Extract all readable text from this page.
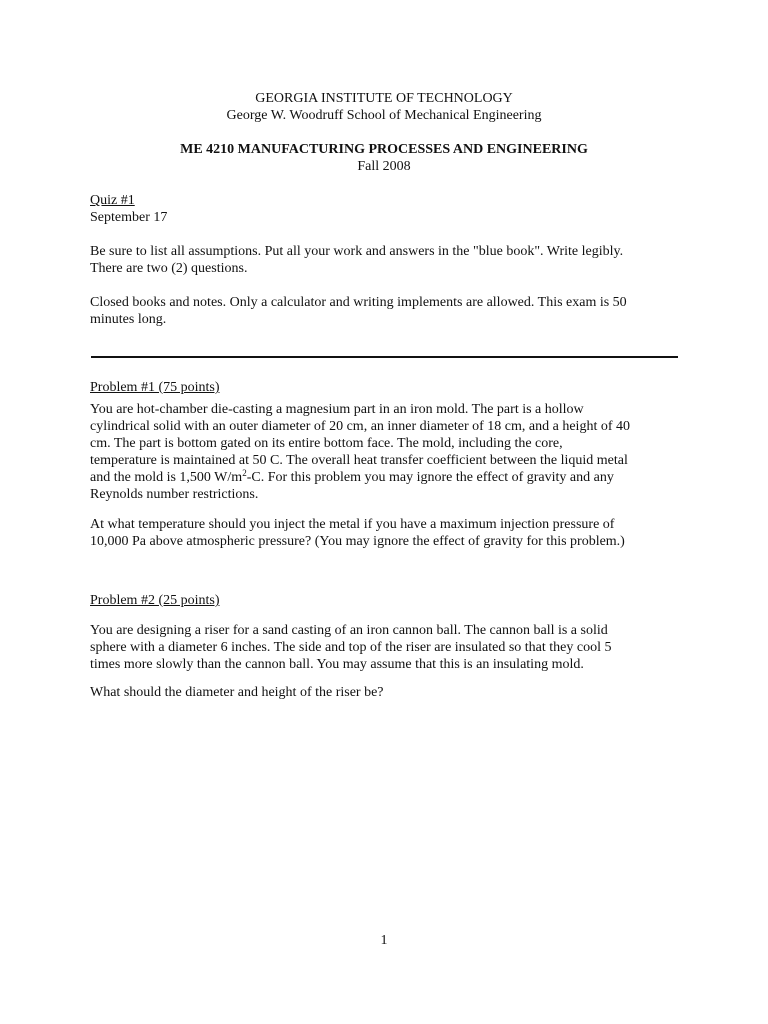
GEORGIA INSTITUTE OF TECHNOLOGY
George W. Woodruff School of Mechanical Engineering
ME 4210 MANUFACTURING PROCESSES AND ENGINEERING
Fall 2008
Quiz #1
September 17
Be sure to list all assumptions. Put all your work and answers in the "blue book". Write legibly.
There are two (2) questions.
Closed books and notes. Only a calculator and writing implements are allowed. This exam is 50
minutes long.
Problem #1 (75 points)
You are hot-chamber die-casting a magnesium part in an iron mold. The part is a hollow
cylindrical solid with an outer diameter of 20 cm, an inner diameter of 18 cm, and a height of 40
cm. The part is bottom gated on its entire bottom face. The mold, including the core,
temperature is maintained at 50 C. The overall heat transfer coefficient between the liquid metal
and the mold is 1,500 $W/m^2-C$. For this problem you may ignore the effect of gravity and any
Reynolds number restrictions.
At what temperature should you inject the metal if you have a maximum injection pressure of
10,000 Pa above atmospheric pressure? (You may ignore the effect of gravity for this problem.)
Problem #2 (25 points)
You are designing a riser for a sand casting of an iron cannon ball. The cannon ball is a solid
sphere with a diameter 6 inches. The side and top of the riser are insulated so that they cool 5
times more slowly than the cannon ball. You may assume that this is an insulating mold.
What should the diameter and height of the riser be?
1
